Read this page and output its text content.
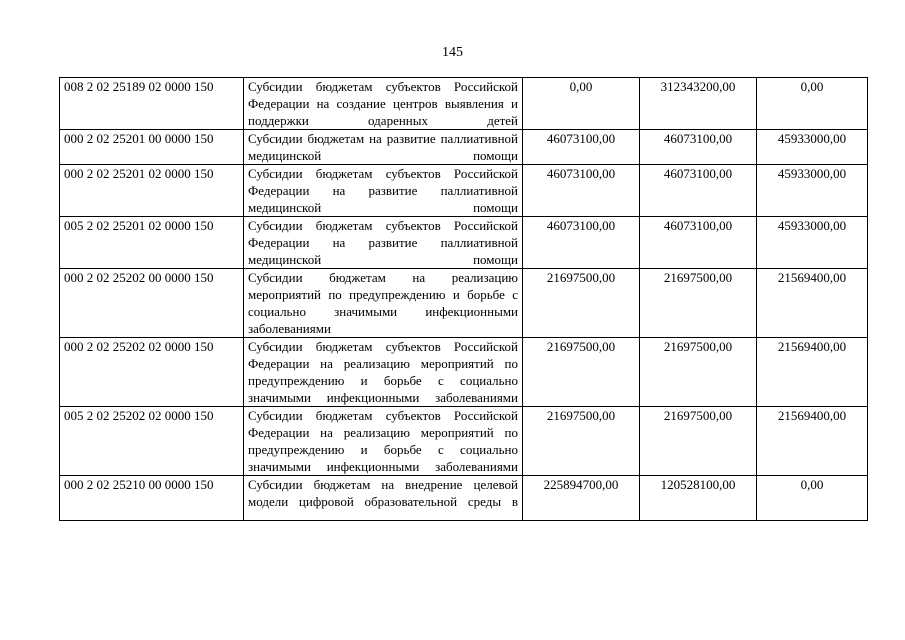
145
008 2 02 25189 02 0000 150	Субсидии бюджетам субъектов Российской Федерации на создание центров выявления и поддержки одаренных детей	0,00	312343200,00	0,00
000 2 02 25201 00 0000 150	Субсидии бюджетам на развитие паллиативной медицинской помощи	46073100,00	46073100,00	45933000,00
000 2 02 25201 02 0000 150	Субсидии бюджетам субъектов Российской Федерации на развитие паллиативной медицинской помощи	46073100,00	46073100,00	45933000,00
005 2 02 25201 02 0000 150	Субсидии бюджетам субъектов Российской Федерации на развитие паллиативной медицинской помощи	46073100,00	46073100,00	45933000,00
000 2 02 25202 00 0000 150	Субсидии бюджетам на реализацию мероприятий по предупреждению и борьбе с социально значимыми инфекционными заболеваниями	21697500,00	21697500,00	21569400,00
000 2 02 25202 02 0000 150	Субсидии бюджетам субъектов Российской Федерации на реализацию мероприятий по предупреждению и борьбе с социально значимыми инфекционными заболеваниями	21697500,00	21697500,00	21569400,00
005 2 02 25202 02 0000 150	Субсидии бюджетам субъектов Российской Федерации на реализацию мероприятий по предупреждению и борьбе с социально значимыми инфекционными заболеваниями	21697500,00	21697500,00	21569400,00
000 2 02 25210 00 0000 150	Субсидии бюджетам на внедрение целевой модели цифровой образовательной среды в	225894700,00	120528100,00	0,00
